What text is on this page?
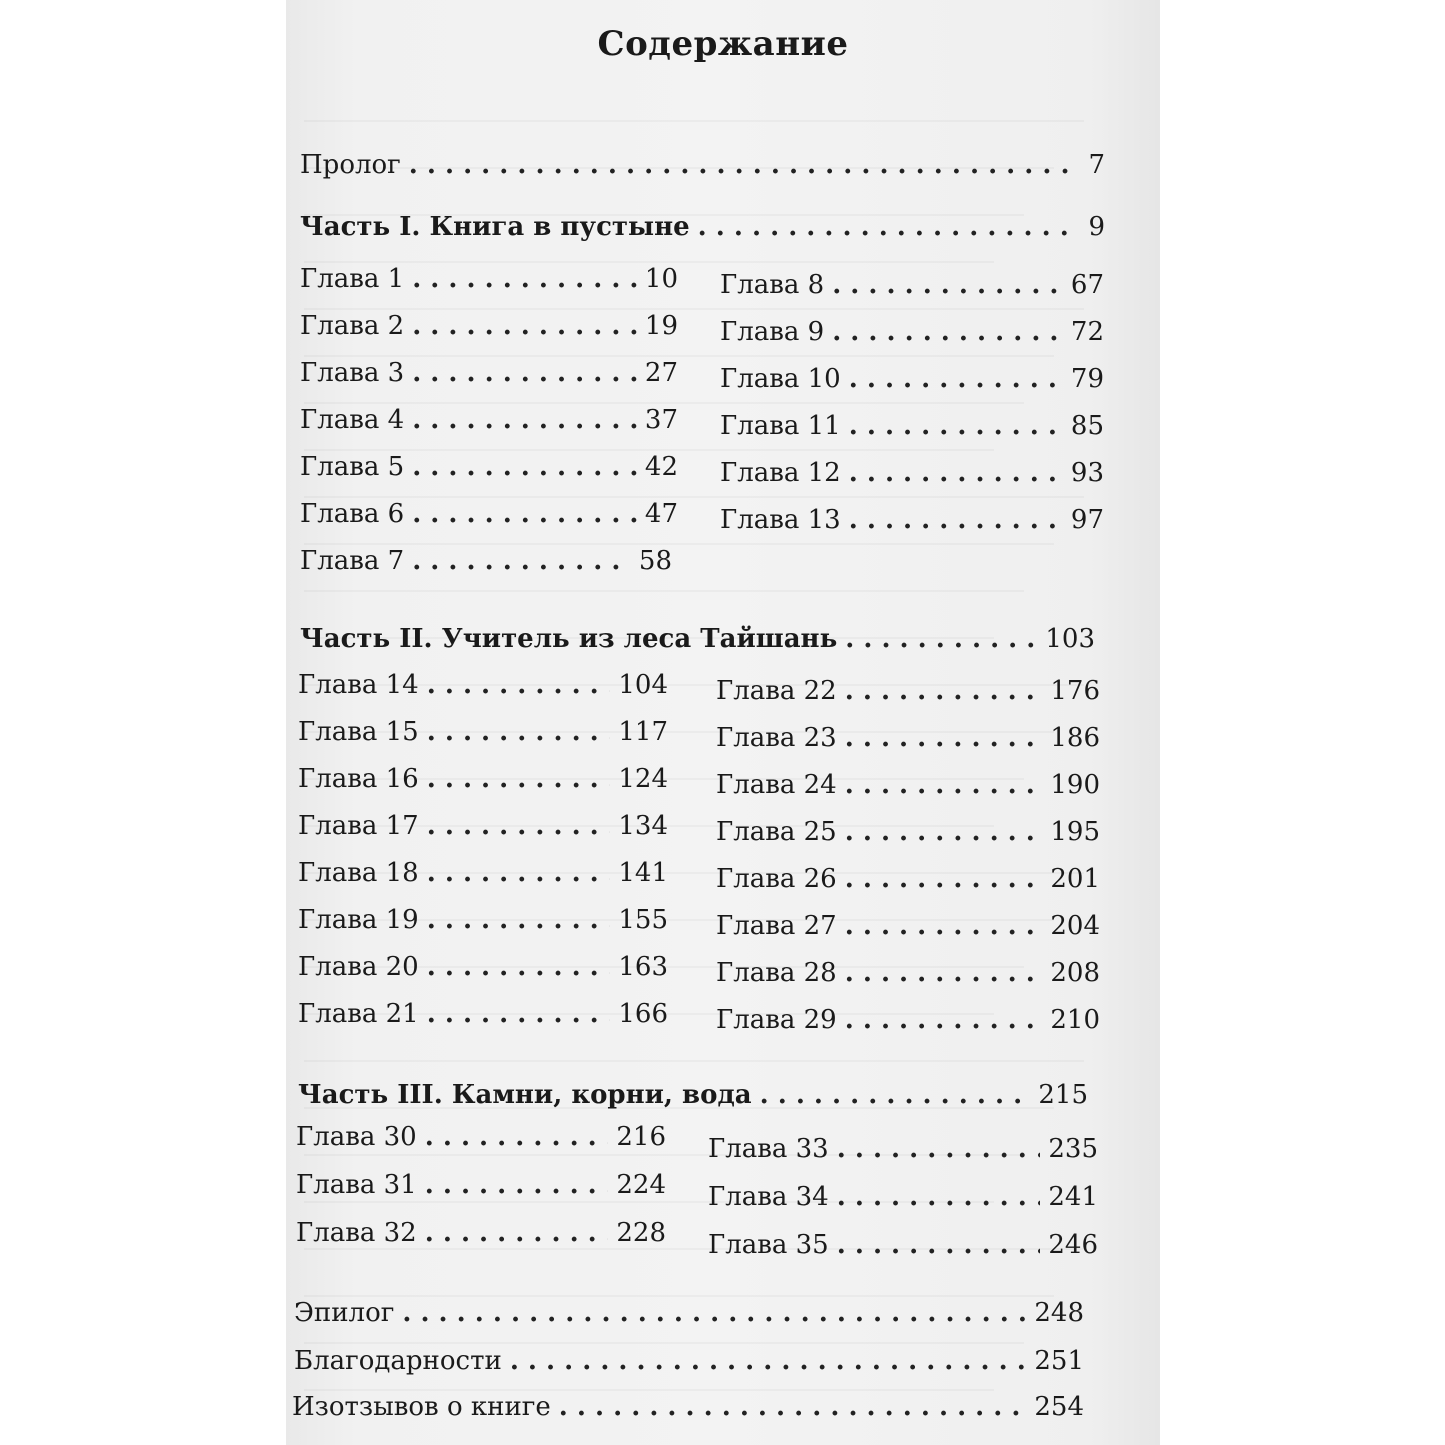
Содержание
Пролог . . .	7
Часть I. Книга в пустыне . . .	9
Глава 1 . . .	10
Глава 2 . . .	19
Глава 3 . . .	27
Глава 4 . . .	37
Глава 5 . . .	42
Глава 6 . . .	47
Глава 7 . . .	58
Глава 8 . . .	67
Глава 9 . . .	72
Глава 10 . . .	79
Глава 11 . . .	85
Глава 12 . . .	93
Глава 13 . . .	97
Часть II. Учитель из леса Тайшань . . .	103
Глава 14 . . .	104
Глава 15 . . .	117
Глава 16 . . .	124
Глава 17 . . .	134
Глава 18 . . .	141
Глава 19 . . .	155
Глава 20 . . .	163
Глава 21 . . .	166
Глава 22 . . .	176
Глава 23 . . .	186
Глава 24 . . .	190
Глава 25 . . .	195
Глава 26 . . .	201
Глава 27 . . .	204
Глава 28 . . .	208
Глава 29 . . .	210
Часть III. Камни, корни, вода . . .	215
Глава 30 . . .	216
Глава 31 . . .	224
Глава 32 . . .	228
Глава 33 . . .	235
Глава 34 . . .	241
Глава 35 . . .	246
Эпилог . . .	248
Благодарности . . .	251
Изотзывов о книге . . .	254
